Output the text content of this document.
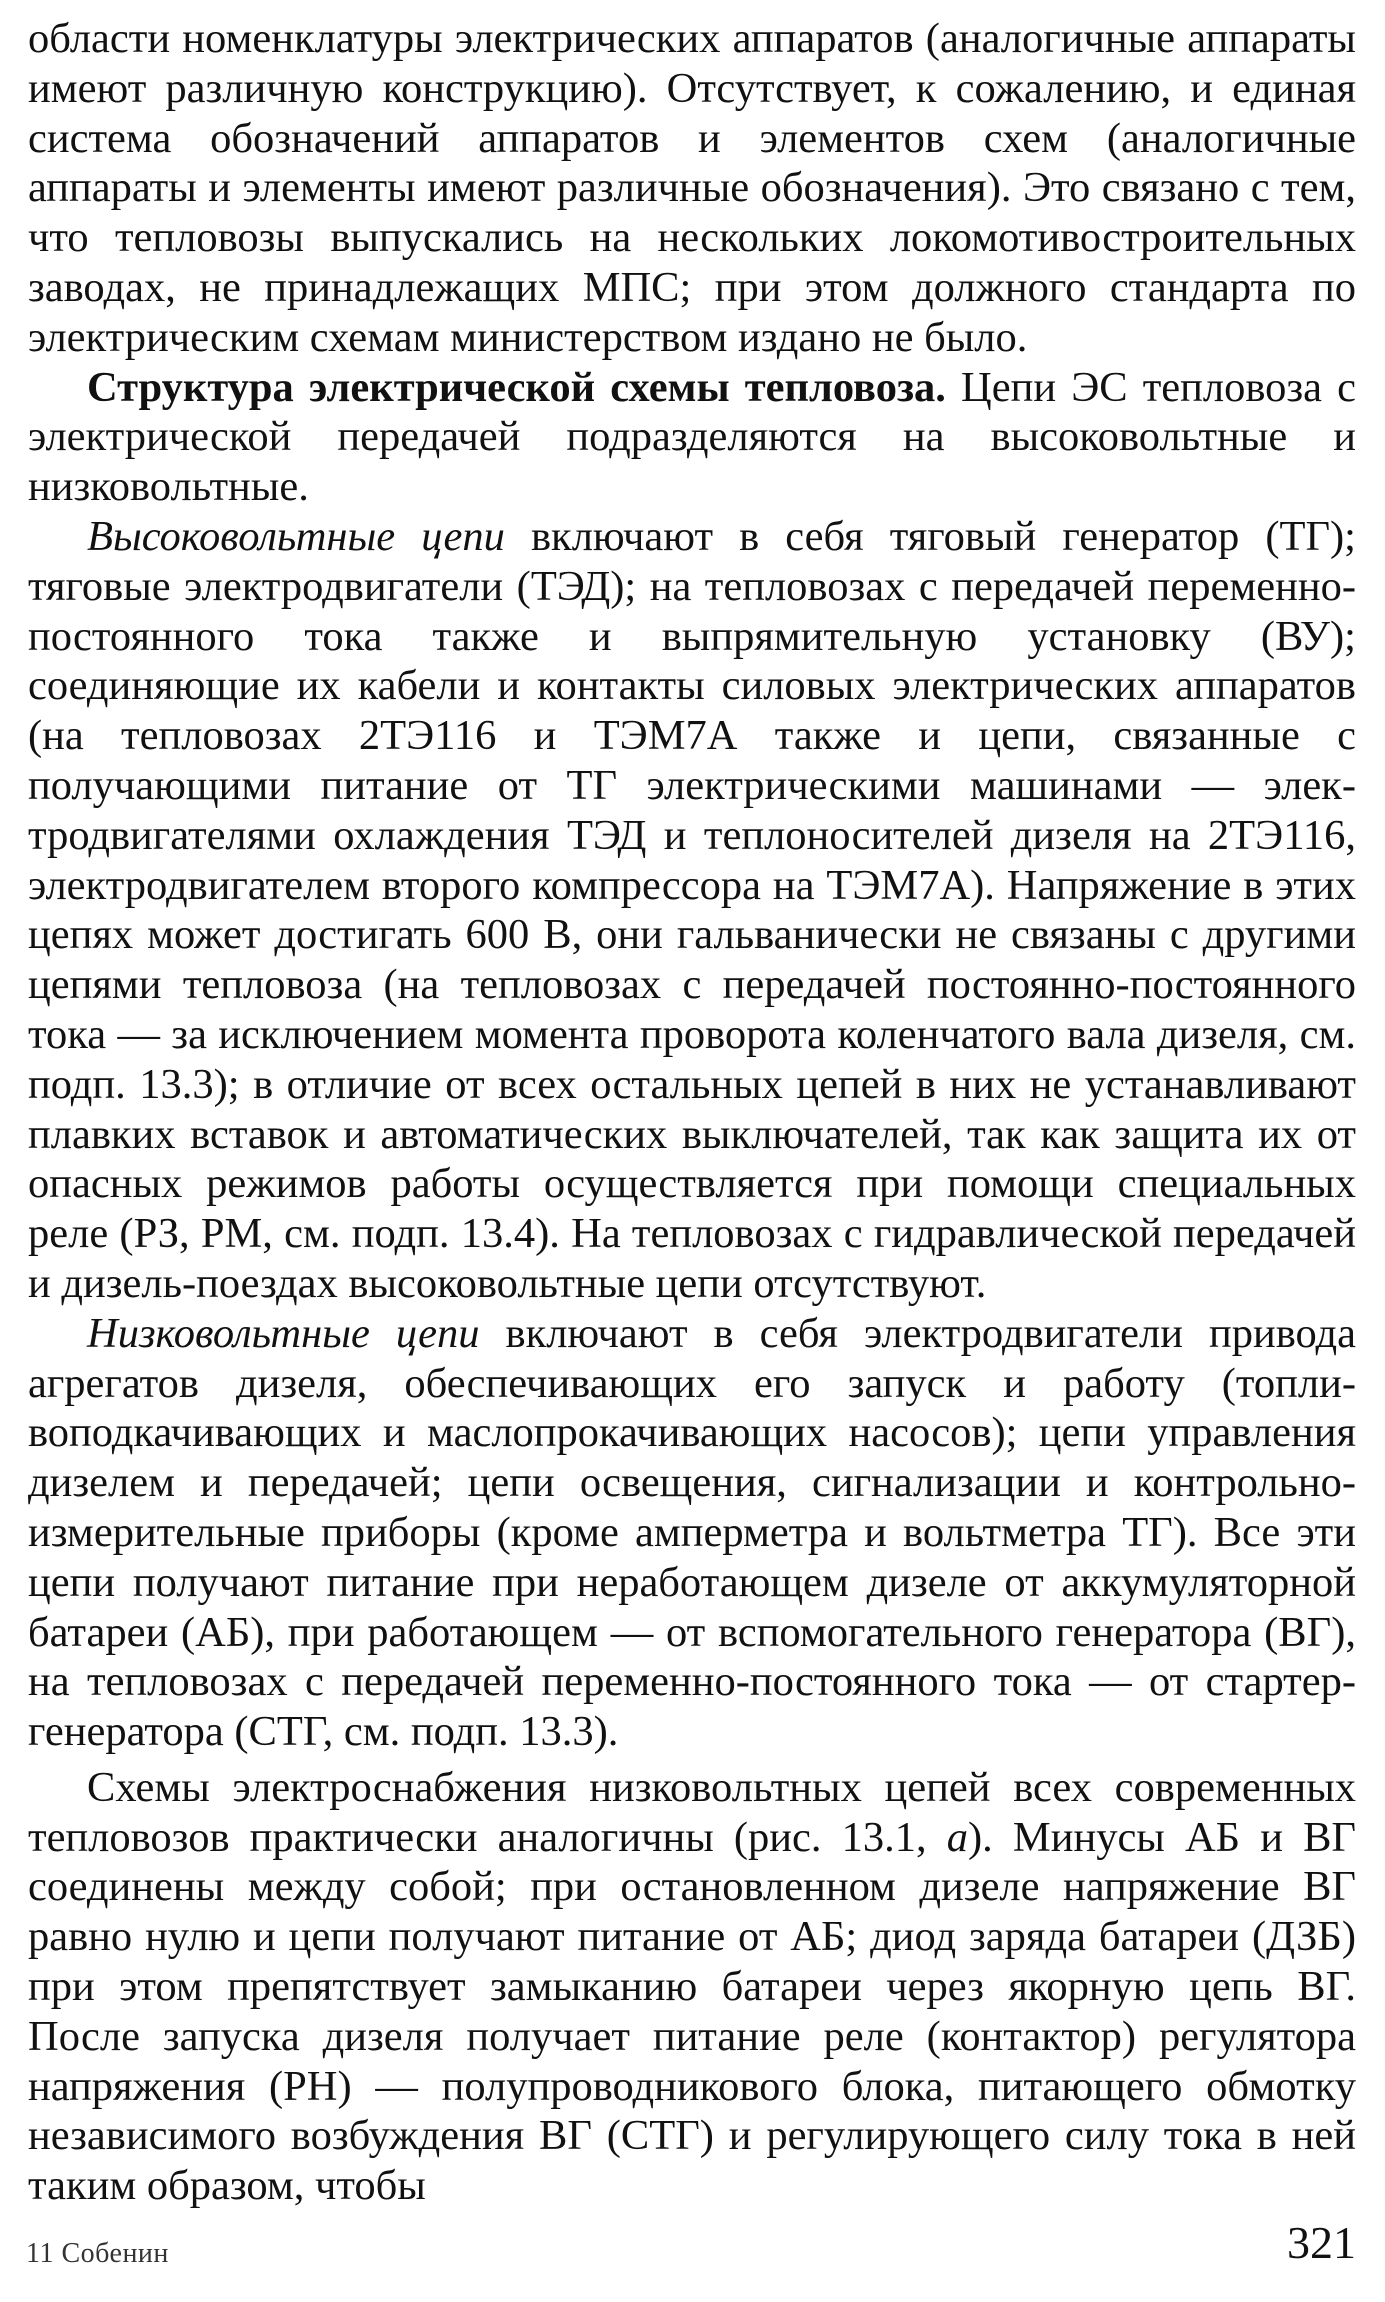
области номенклатуры электрических аппаратов (аналогичные аппараты имеют различную конструкцию). Отсутствует, к сожалению, и единая система обозначений аппаратов и элементов схем (аналогичные аппараты и элементы имеют различные обозначения). Это связано с тем, что тепловозы выпускались на нескольких локомотивостроительных заводах, не принадлежащих МПС; при этом должного стандарта по электрическим схемам министерством издано не было.

Структура электрической схемы тепловоза. Цепи ЭС тепловоза с электрической передачей подразделяются на высоковольтные и низковольтные.

Высоковольтные цепи включают в себя тяговый генератор (ТГ); тяговые электродвигатели (ТЭД); на тепловозах с передачей переменно-постоянного тока также и выпрямительную установку (ВУ); соединяющие их кабели и контакты силовых электрических аппаратов (на тепловозах 2ТЭ116 и ТЭМ7А также и цепи, связанные с получающими питание от ТГ электрическими машинами — электродвигателями охлаждения ТЭД и теплоносителей дизеля на 2ТЭ116, электродвигателем второго компрессора на ТЭМ7А). Напряжение в этих цепях может достигать 600 В, они гальванически не связаны с другими цепями тепловоза (на тепловозах с передачей постоянно-постоянного тока — за исключением момента проворота коленчатого вала дизеля, см. подп. 13.3); в отличие от всех остальных цепей в них не устанавливают плавких вставок и автоматических выключателей, так как защита их от опасных режимов работы осуществляется при помощи специальных реле (РЗ, РМ, см. подп. 13.4). На тепловозах с гидравлической передачей и дизель-поездах высоковольтные цепи отсутствуют.

Низковольтные цепи включают в себя электродвигатели привода агрегатов дизеля, обеспечивающих его запуск и работу (топливоподкачивающих и маслопрокачивающих насосов); цепи управления дизелем и передачей; цепи освещения, сигнализации и контрольно-измерительные приборы (кроме амперметра и вольтметра ТГ). Все эти цепи получают питание при неработающем дизеле от аккумуляторной батареи (АБ), при работающем — от вспомогательного генератора (ВГ), на тепловозах с передачей переменно-постоянного тока — от стартер-генератора (СТГ, см. подп. 13.3).

Схемы электроснабжения низковольтных цепей всех современных тепловозов практически аналогичны (рис. 13.1, а). Минусы АБ и ВГ соединены между собой; при остановленном дизеле напряжение ВГ равно нулю и цепи получают питание от АБ; диод заряда батареи (ДЗБ) при этом препятствует замыканию батареи через якорную цепь ВГ. После запуска дизеля получает питание реле (контактор) регулятора напряжения (РН) — полупроводникового блока, питающего обмотку независимого возбуждения ВГ (СТГ) и регулирующего силу тока в ней таким образом, чтобы

11 Собенин	321
